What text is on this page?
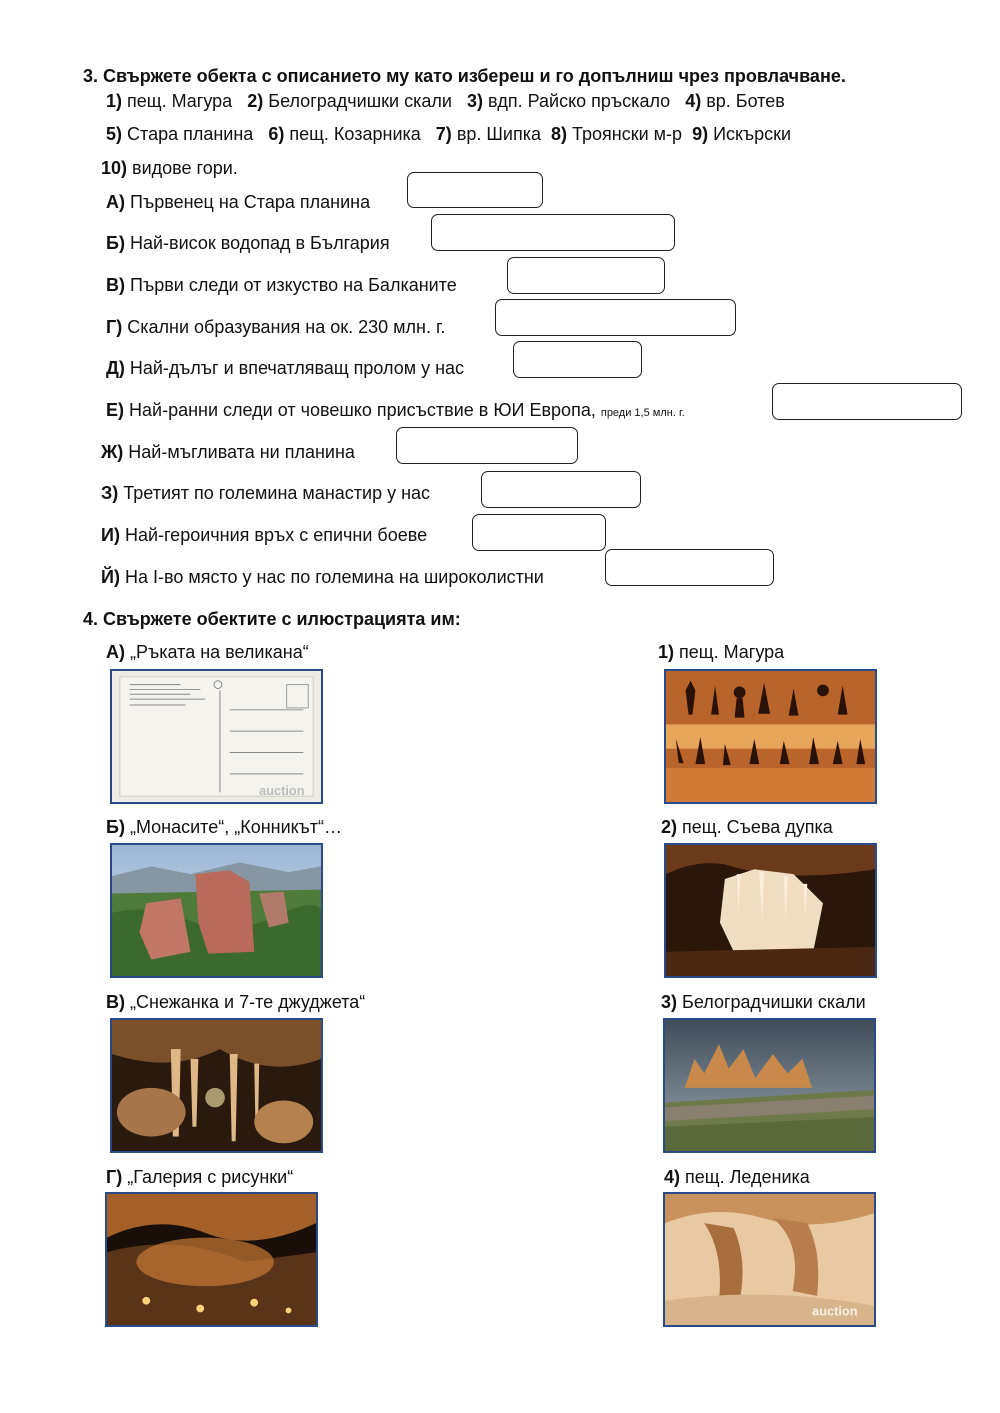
3. Свържете обекта с описанието му като избереш и го допълниш чрез провлачване.
1) пещ. Магура 2) Белоградчишки скали 3) вдп. Райско пръскало 4) вр. Ботев
5) Стара планина 6) пещ. Козарника 7) вр. Шипка 8) Троянски м-р 9) Искърски
10) видове гори.
А) Първенец на Стара планина
Б) Най-висок водопад в България
В) Първи следи от изкуство на Балканите
Г) Скални образувания на ок. 230 млн. г.
Д) Най-дълъг и впечатляващ пролом у нас
Е) Най-ранни следи от човешко присъствие в ЮИ Европа, преди 1,5 млн. г.
Ж) Най-мъгливата ни планина
З) Третият по големина манастир у нас
И) Най-героичния връх с епични боеве
Й) На I-во място у нас по големина на широколистни
4. Свържете обектите с илюстрацията им:
А) „Ръката на великана“
Б) „Монасите“, „Конникът“…
В) „Снежанка и 7-те джуджета“
Г) „Галерия с рисунки“
1) пещ. Магура
2) пещ. Съева дупка
3) Белоградчишки скали
4) пещ. Леденика
auction
auction
